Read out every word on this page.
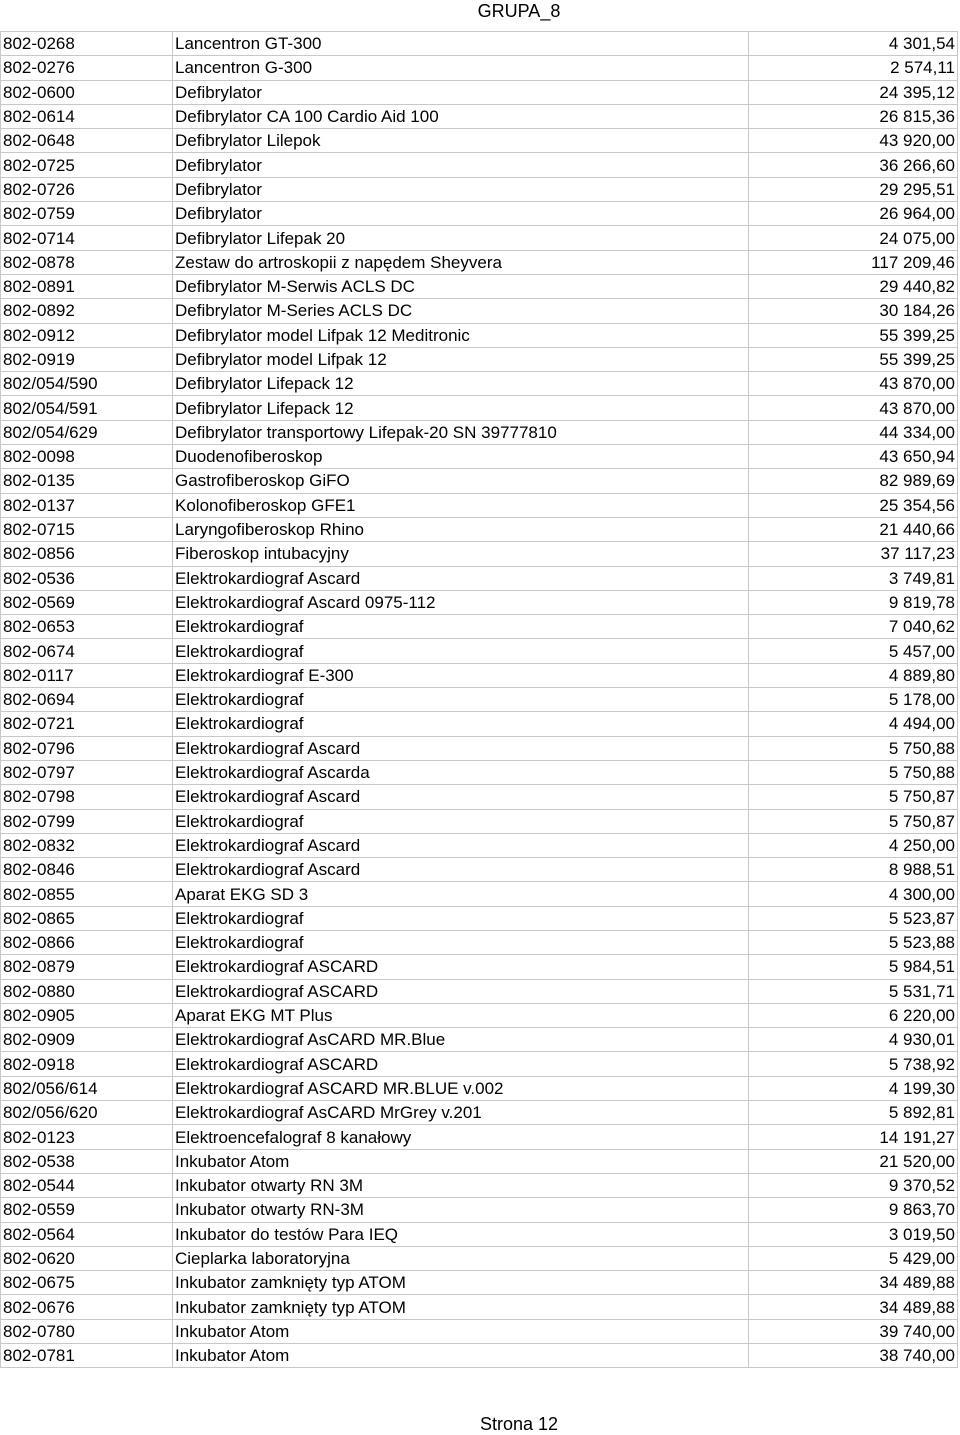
GRUPA_8
802-0268	Lancentron GT-300	4 301,54
802-0276	Lancentron G-300	2 574,11
802-0600	Defibrylator	24 395,12
802-0614	Defibrylator CA 100 Cardio Aid 100	26 815,36
802-0648	Defibrylator Lilepok	43 920,00
802-0725	Defibrylator	36 266,60
802-0726	Defibrylator	29 295,51
802-0759	Defibrylator	26 964,00
802-0714	Defibrylator Lifepak 20	24 075,00
802-0878	Zestaw do artroskopii z napędem Sheyvera	117 209,46
802-0891	Defibrylator M-Serwis ACLS DC	29 440,82
802-0892	Defibrylator M-Series ACLS DC	30 184,26
802-0912	Defibrylator model Lifpak 12 Meditronic	55 399,25
802-0919	Defibrylator model Lifpak 12	55 399,25
802/054/590	Defibrylator Lifepack 12	43 870,00
802/054/591	Defibrylator Lifepack 12	43 870,00
802/054/629	Defibrylator transportowy Lifepak-20 SN 39777810	44 334,00
802-0098	Duodenofiberoskop	43 650,94
802-0135	Gastrofiberoskop GiFO	82 989,69
802-0137	Kolonofiberoskop GFE1	25 354,56
802-0715	Laryngofiberoskop Rhino	21 440,66
802-0856	Fiberoskop intubacyjny	37 117,23
802-0536	Elektrokardiograf Ascard	3 749,81
802-0569	Elektrokardiograf Ascard 0975-112	9 819,78
802-0653	Elektrokardiograf	7 040,62
802-0674	Elektrokardiograf	5 457,00
802-0117	Elektrokardiograf E-300	4 889,80
802-0694	Elektrokardiograf	5 178,00
802-0721	Elektrokardiograf	4 494,00
802-0796	Elektrokardiograf Ascard	5 750,88
802-0797	Elektrokardiograf Ascarda	5 750,88
802-0798	Elektrokardiograf Ascard	5 750,87
802-0799	Elektrokardiograf	5 750,87
802-0832	Elektrokardiograf Ascard	4 250,00
802-0846	Elektrokardiograf Ascard	8 988,51
802-0855	Aparat EKG SD 3	4 300,00
802-0865	Elektrokardiograf	5 523,87
802-0866	Elektrokardiograf	5 523,88
802-0879	Elektrokardiograf ASCARD	5 984,51
802-0880	Elektrokardiograf ASCARD	5 531,71
802-0905	Aparat EKG MT Plus	6 220,00
802-0909	Elektrokardiograf AsCARD MR.Blue	4 930,01
802-0918	Elektrokardiograf ASCARD	5 738,92
802/056/614	Elektrokardiograf ASCARD MR.BLUE v.002	4 199,30
802/056/620	Elektrokardiograf AsCARD MrGrey v.201	5 892,81
802-0123	Elektroencefalograf 8 kanałowy	14 191,27
802-0538	Inkubator Atom	21 520,00
802-0544	Inkubator otwarty RN 3M	9 370,52
802-0559	Inkubator otwarty RN-3M	9 863,70
802-0564	Inkubator do testów Para IEQ	3 019,50
802-0620	Cieplarka laboratoryjna	5 429,00
802-0675	Inkubator zamknięty typ ATOM	34 489,88
802-0676	Inkubator zamknięty typ ATOM	34 489,88
802-0780	Inkubator Atom	39 740,00
802-0781	Inkubator Atom	38 740,00
Strona 12
